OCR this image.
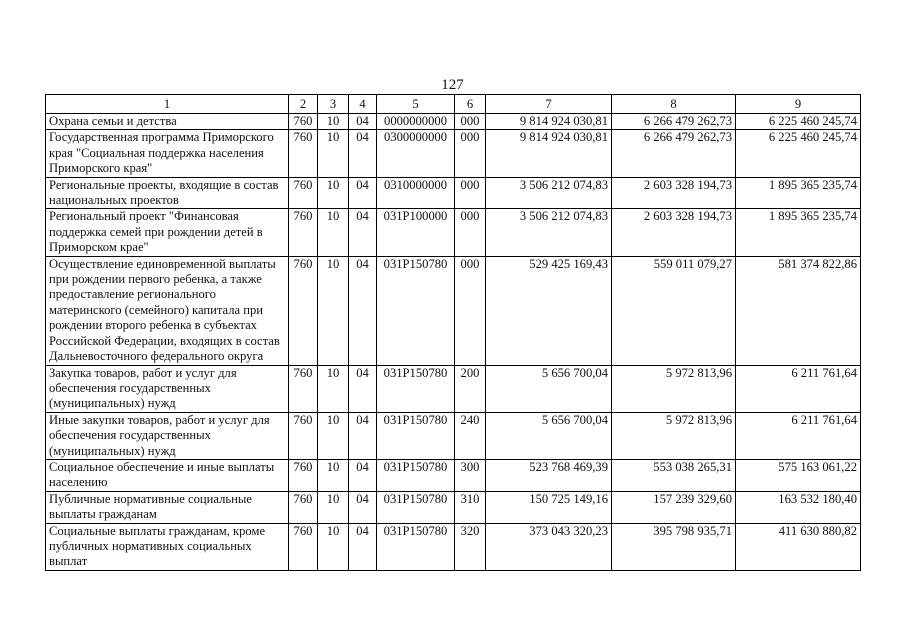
127
1	2	3	4	5	6	7	8	9
Охрана семьи и детства	760	10	04	0000000000	000	9 814 924 030,81	6 266 479 262,73	6 225 460 245,74
Государственная программа Приморского края "Социальная поддержка населения Приморского края"	760	10	04	0300000000	000	9 814 924 030,81	6 266 479 262,73	6 225 460 245,74
Региональные проекты, входящие в состав национальных проектов	760	10	04	0310000000	000	3 506 212 074,83	2 603 328 194,73	1 895 365 235,74
Региональный проект "Финансовая поддержка семей при рождении детей в Приморском крае"	760	10	04	031P100000	000	3 506 212 074,83	2 603 328 194,73	1 895 365 235,74
Осуществление единовременной выплаты при рождении первого ребенка, а также предоставление регионального материнского (семейного) капитала при рождении второго ребенка в субъектах Российской Федерации, входящих в состав Дальневосточного федерального округа	760	10	04	031P150780	000	529 425 169,43	559 011 079,27	581 374 822,86
Закупка товаров, работ и услуг для обеспечения государственных (муниципальных) нужд	760	10	04	031P150780	200	5 656 700,04	5 972 813,96	6 211 761,64
Иные закупки товаров, работ и услуг для обеспечения государственных (муниципальных) нужд	760	10	04	031P150780	240	5 656 700,04	5 972 813,96	6 211 761,64
Социальное обеспечение и иные выплаты населению	760	10	04	031P150780	300	523 768 469,39	553 038 265,31	575 163 061,22
Публичные нормативные социальные выплаты гражданам	760	10	04	031P150780	310	150 725 149,16	157 239 329,60	163 532 180,40
Социальные выплаты гражданам, кроме публичных нормативных социальных выплат	760	10	04	031P150780	320	373 043 320,23	395 798 935,71	411 630 880,82
